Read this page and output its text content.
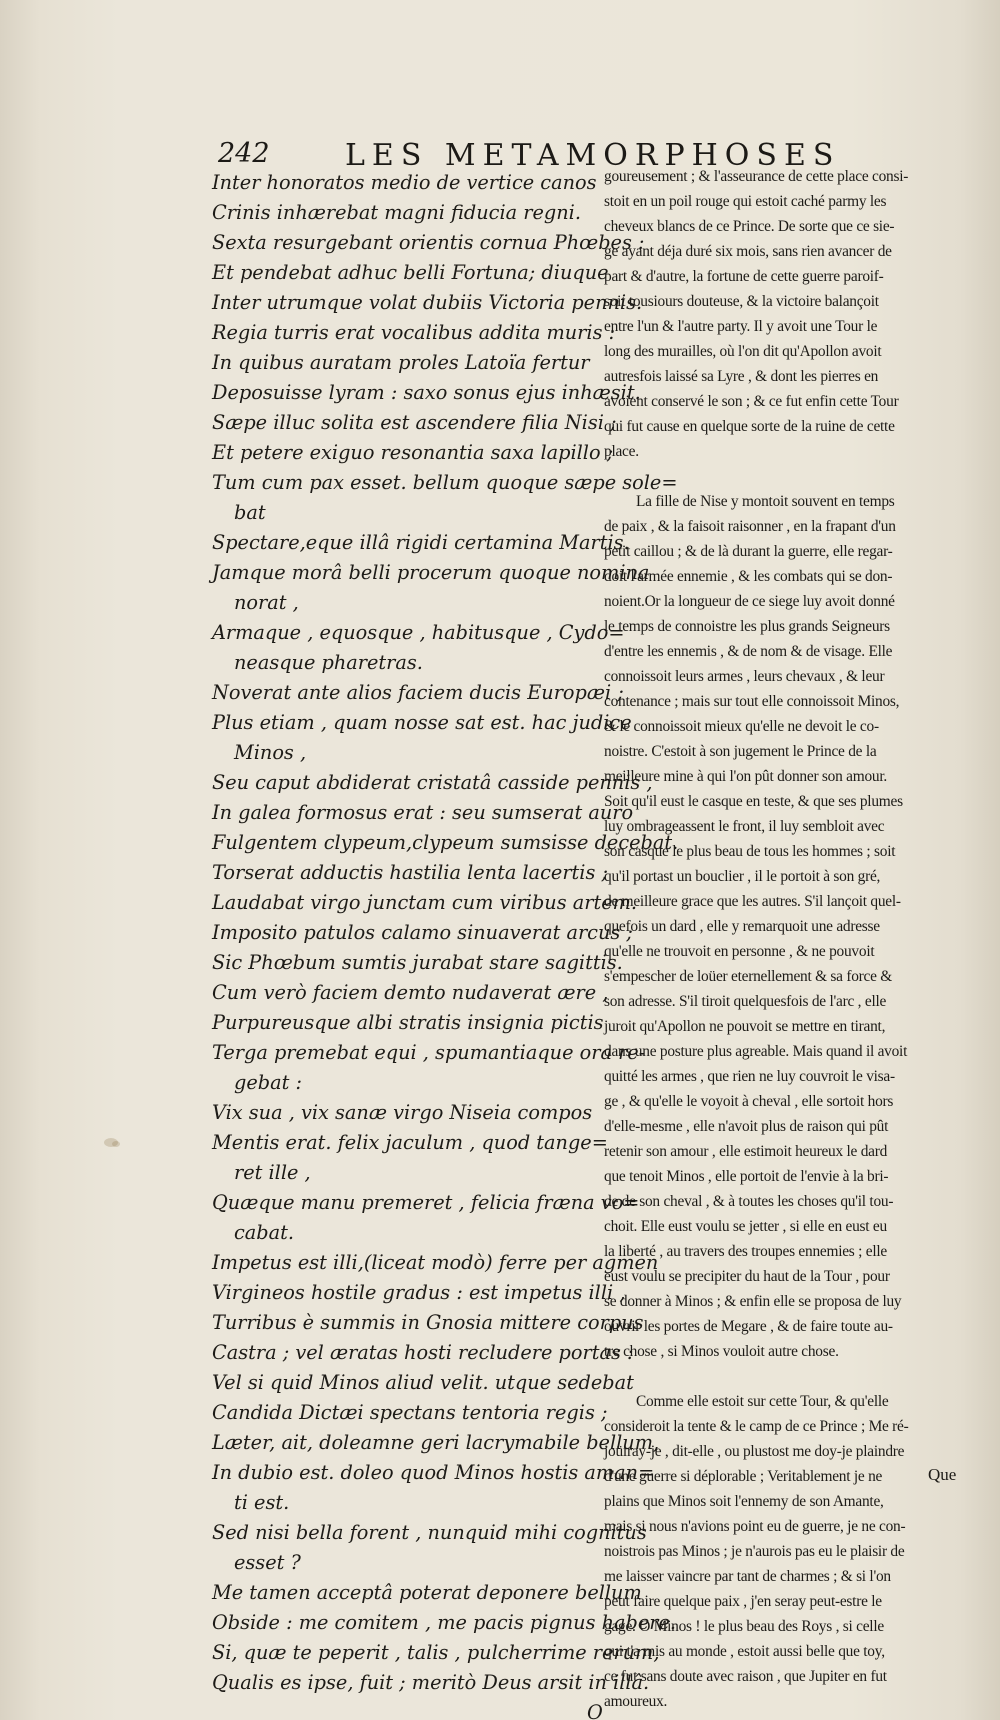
242	LES METAMORPHOSES
Inter honoratos medio de vertice canos
Crinis inhærebat magni fiducia regni.
Sexta resurgebant orientis cornua Phœbes :
Et pendebat adhuc belli Fortuna; diuque
Inter utrumque volat dubiis Victoria pennis.
Regia turris erat vocalibus addita muris :
In quibus auratam proles Latoïa fertur
Deposuisse lyram : saxo sonus ejus inhæsit.
Sæpe illuc solita est ascendere filia Nisi ;
Et petere exiguo resonantia saxa lapillo ;
Tum cum pax esset. bellum quoque sæpe sole=
bat
Spectare,eque illâ rigidi certamina Martis.
Jamque morâ belli procerum quoque nomina
norat ,
Armaque , equosque , habitusque , Cydo=
neasque pharetras.
Noverat ante alios faciem ducis Europæi ;
Plus etiam , quam nosse sat est. hac judice
Minos ,
Seu caput abdiderat cristatâ casside pennis ,
In galea formosus erat : seu sumserat auro
Fulgentem clypeum,clypeum sumsisse decebat.
Torserat adductis hastilia lenta lacertis ;
Laudabat virgo junctam cum viribus artem.
Imposito patulos calamo sinuaverat arcus ;
Sic Phœbum sumtis jurabat stare sagittis.
Cum verò faciem demto nudaverat ære ,
Purpureusque albi stratis insignia pictis
Terga premebat equi , spumantiaque ora re-
gebat :
Vix sua , vix sanæ virgo Niseia compos
Mentis erat. felix jaculum , quod tange=
ret ille ,
Quæque manu premeret , felicia fræna vo=
cabat.
Impetus est illi,(liceat modò) ferre per agmen
Virgineos hostile gradus : est impetus illi ,
Turribus è summis in Gnosia mittere corpus
Castra ; vel æratas hosti recludere portas :
Vel si quid Minos aliud velit. utque sedebat
Candida Dictæi spectans tentoria regis ;
Læter, ait, doleamne geri lacrymabile bellum,
In dubio est. doleo quod Minos hostis aman=
ti est.
Sed nisi bella forent , nunquid mihi cognitus
esset ?
Me tamen acceptâ poterat deponere bellum
Obside : me comitem , me pacis pignus habere.
Si, quæ te peperit , talis , pulcherrime rerum,
Qualis es ipse, fuit ; meritò Deus arsit in illâ.
O
goureusement ; & l'asseurance de cette place consi-
stoit en un poil rouge qui estoit caché parmy les
cheveux blancs de ce Prince. De sorte que ce sie-
ge ayant déja duré six mois, sans rien avancer de
part & d'autre, la fortune de cette guerre paroif-
soit tousiours douteuse, & la victoire balançoit
entre l'un & l'autre party. Il y avoit une Tour le
long des murailles, où l'on dit qu'Apollon avoit
autresfois laissé sa Lyre , & dont les pierres en
avoient conservé le son ; & ce fut enfin cette Tour
qui fut cause en quelque sorte de la ruine de cette
place.
La fille de Nise y montoit souvent en temps
de paix , & la faisoit raisonner , en la frapant d'un
petit caillou ; & de là durant la guerre, elle regar-
doit l'armée ennemie , & les combats qui se don-
noient.Or la longueur de ce siege luy avoit donné
le temps de connoistre les plus grands Seigneurs
d'entre les ennemis , & de nom & de visage. Elle
connoissoit leurs armes , leurs chevaux , & leur
contenance ; mais sur tout elle connoissoit Minos,
& le connoissoit mieux qu'elle ne devoit le co-
noistre. C'estoit à son jugement le Prince de la
meilleure mine à qui l'on pût donner son amour.
Soit qu'il eust le casque en teste, & que ses plumes
luy ombrageassent le front, il luy sembloit avec
son casque le plus beau de tous les hommes ; soit
qu'il portast un bouclier , il le portoit à son gré,
de meilleure grace que les autres. S'il lançoit quel-
quefois un dard , elle y remarquoit une adresse
qu'elle ne trouvoit en personne , & ne pouvoit
s'empescher de loüer eternellement & sa force &
son adresse. S'il tiroit quelquesfois de l'arc , elle
juroit qu'Apollon ne pouvoit se mettre en tirant,
dans une posture plus agreable. Mais quand il avoit
quitté les armes , que rien ne luy couvroit le visa-
ge , & qu'elle le voyoit à cheval , elle sortoit hors
d'elle-mesme , elle n'avoit plus de raison qui pût
retenir son amour , elle estimoit heureux le dard
que tenoit Minos , elle portoit de l'envie à la bri-
de de son cheval , & à toutes les choses qu'il tou-
choit. Elle eust voulu se jetter , si elle en eust eu
la liberté , au travers des troupes ennemies ; elle
eust voulu se precipiter du haut de la Tour , pour
se donner à Minos ; & enfin elle se proposa de luy
ouvrir les portes de Megare , & de faire toute au-
tre chose , si Minos vouloit autre chose.
Comme elle estoit sur cette Tour, & qu'elle
consideroit la tente & le camp de ce Prince ; Me ré-
joüiray-je , dit-elle , ou plustost me doy-je plaindre
d'une guerre si déplorable ; Veritablement je ne
plains que Minos soit l'ennemy de son Amante,
mais si nous n'avions point eu de guerre, je ne con-
noistrois pas Minos ; je n'aurois pas eu le plaisir de
me laisser vaincre par tant de charmes ; & si l'on
peut faire quelque paix , j'en seray peut-estre le
gage. O Minos ! le plus beau des Roys , si celle
qui t'a mis au monde , estoit aussi belle que toy,
ce fut sans doute avec raison , que Jupiter en fut
amoureux.
Que
